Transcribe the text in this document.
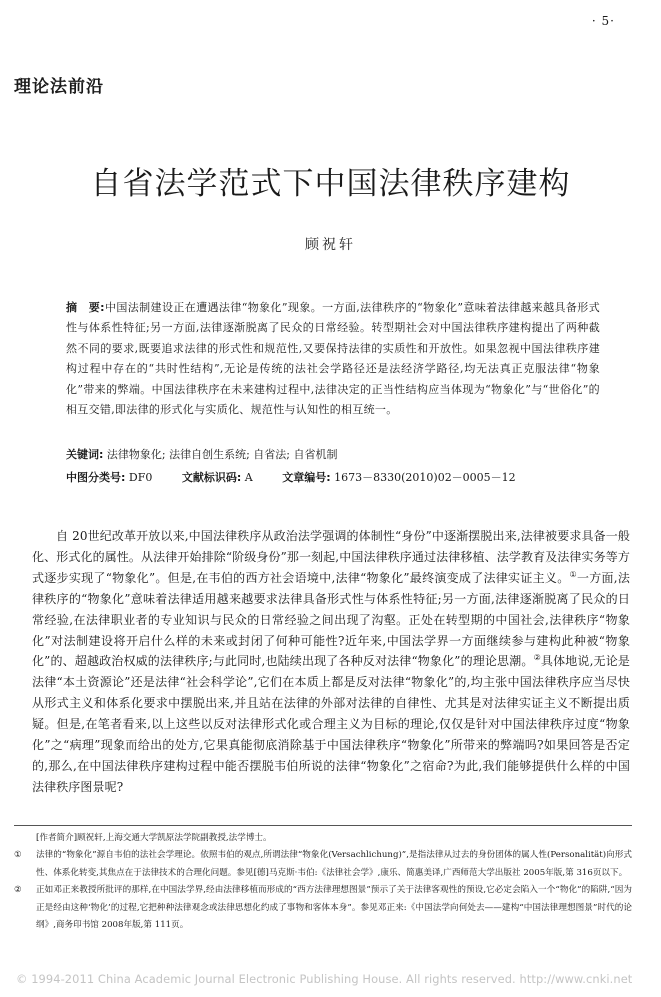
· 5·
理论法前沿
自省法学范式下中国法律秩序建构
顾祝轩
摘　要:中国法制建设正在遭遇法律“物象化”现象。一方面,法律秩序的“物象化”意味着法律越来越具备形式性与体系性特征;另一方面,法律逐渐脱离了民众的日常经验。转型期社会对中国法律秩序建构提出了两种截然不同的要求,既要追求法律的形式性和规范性,又要保持法律的实质性和开放性。如果忽视中国法律秩序建构过程中存在的“共时性结构”,无论是传统的法社会学路径还是法经济学路径,均无法真正克服法律“物象化”带来的弊端。中国法律秩序在未来建构过程中,法律决定的正当性结构应当体现为“物象化”与“世俗化”的相互交错,即法律的形式化与实质化、规范性与认知性的相互统一。
关键词: 法律物象化; 法律自创生系统; 自省法; 自省机制
中图分类号: DF0	文献标识码: A	文章编号: 1673－8330(2010)02－0005－12

自 20世纪改革开放以来,中国法律秩序从政治法学强调的体制性“身份”中逐渐摆脱出来,法律被要求具备一般化、形式化的属性。从法律开始排除“阶级身份”那一刻起,中国法律秩序通过法律移植、法学教育及法律实务等方式逐步实现了“物象化”。但是,在韦伯的西方社会语境中,法律“物象化”最终演变成了法律实证主义。①一方面,法律秩序的“物象化”意味着法律适用越来越要求法律具备形式性与体系性特征;另一方面,法律逐渐脱离了民众的日常经验,在法律职业者的专业知识与民众的日常经验之间出现了沟壑。正处在转型期的中国社会,法律秩序“物象化”对法制建设将开启什么样的未来或封闭了何种可能性?近年来,中国法学界一方面继续参与建构此种被“物象化”的、超越政治权威的法律秩序;与此同时,也陆续出现了各种反对法律“物象化”的理论思潮。②具体地说,无论是法律“本土资源论”还是法律“社会科学论”,它们在本质上都是反对法律“物象化”的,均主张中国法律秩序应当尽快从形式主义和体系化要求中摆脱出来,并且站在法律的外部对法律的自律性、尤其是对法律实证主义不断提出质疑。但是,在笔者看来,以上这些以反对法律形式化或合理主义为目标的理论,仅仅是针对中国法律秩序过度“物象化”之“病理”现象而给出的处方,它果真能彻底消除基于中国法律秩序“物象化”所带来的弊端吗?如果回答是否定的,那么,在中国法律秩序建构过程中能否摆脱韦伯所说的法律“物象化”之宿命?为此,我们能够提供什么样的中国法律秩序图景呢?

[作者简介]顾祝轩,上海交通大学凯原法学院副教授,法学博士。
①	法律的“物象化”源自韦伯的法社会学理论。依照韦伯的观点,所谓法律“物象化(Versachlichung)”,是指法律从过去的身份团体的属人性(Personalität)向形式性、体系化转变,其焦点在于法律技术的合理化问题。参见[德]马克斯·韦伯:《法律社会学》,康乐、简惠美译,广西师范大学出版社 2005年版,第 316页以下。
②	正如邓正来教授所批评的那样,在中国法学界,经由法律移植而形成的“西方法律理想图景”预示了关于法律客观性的预设,它必定会陷入一个“物化”的陷阱,“因为正是经由这种‘物化’的过程,它把种种法律观念或法律思想化约成了事物和客体本身”。参见邓正来:《中国法学向何处去——建构“中国法律理想图景”时代的论纲》,商务印书馆 2008年版,第 111页。
© 1994-2011 China Academic Journal Electronic Publishing House. All rights reserved. http://www.cnki.net
